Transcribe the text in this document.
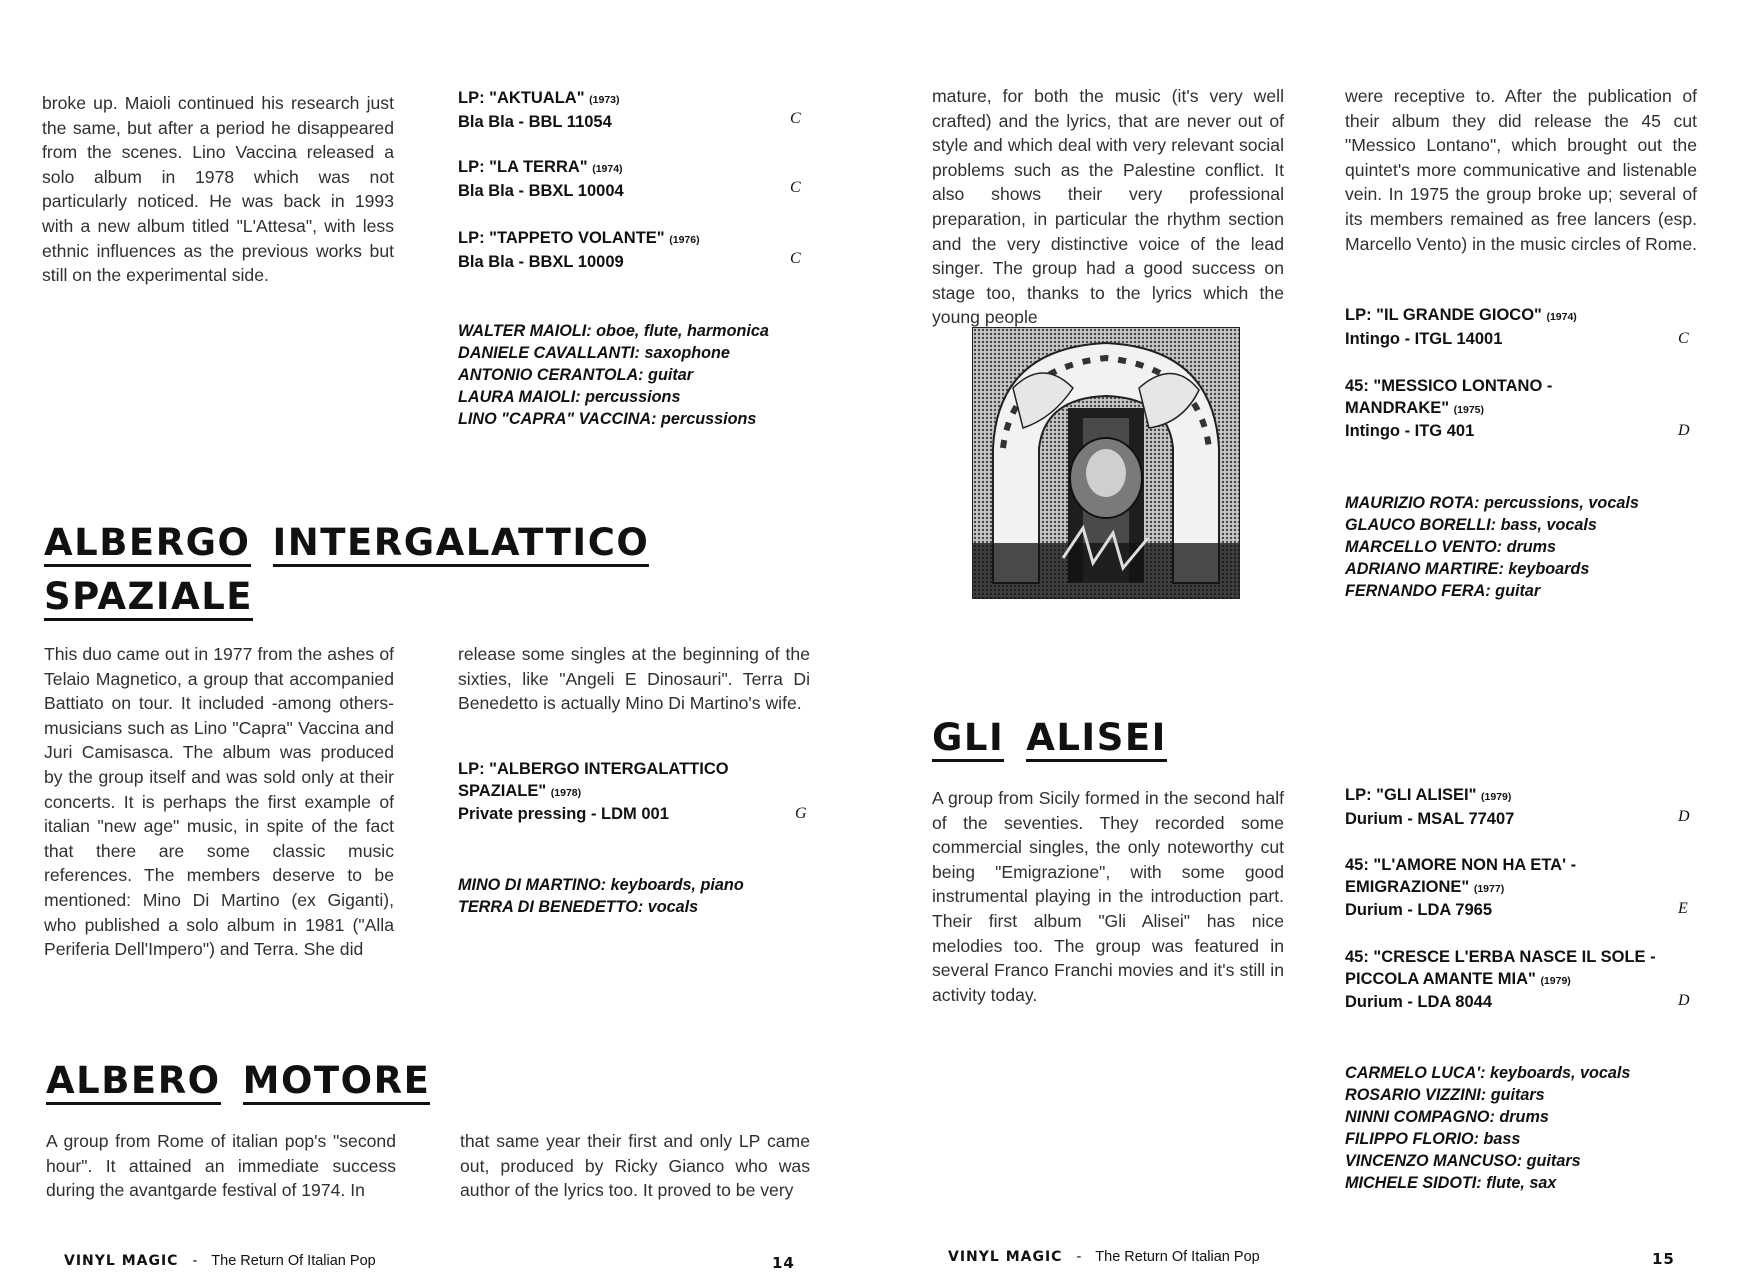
broke up. Maioli continued his research just the same, but after a period he disappeared from the scenes. Lino Vaccina released a solo album in 1978 which was not particularly noticed. He was back in 1993 with a new album titled "L'Attesa", with less ethnic influences as the previous works but still on the experimental side.

LP: "AKTUALA" (1973)
Bla Bla - BBL 11054	C
LP: "LA TERRA" (1974)
Bla Bla - BBXL 10004	C
LP: "TAPPETO VOLANTE" (1976)
Bla Bla - BBXL 10009	C
WALTER MAIOLI: oboe, flute, harmonica
DANIELE CAVALLANTI: saxophone
ANTONIO CERANTOLA: guitar
LAURA MAIOLI: percussions
LINO "CAPRA" VACCINA: percussions
ALBERGO INTERGALATTICO
SPAZIALE

This duo came out in 1977 from the ashes of Telaio Magnetico, a group that accompanied Battiato on tour. It included -among others- musicians such as Lino "Capra" Vaccina and Juri Camisasca. The album was produced by the group itself and was sold only at their concerts. It is perhaps the first example of italian "new age" music, in spite of the fact that there are some classic music references. The members deserve to be mentioned: Mino Di Martino (ex Giganti), who published a solo album in 1981 ("Alla Periferia Dell'Impero") and Terra. She did

release some singles at the beginning of the sixties, like "Angeli E Dinosauri". Terra Di Benedetto is actually Mino Di Martino's wife.

LP: "ALBERGO INTERGALATTICO
SPAZIALE" (1978)
Private pressing - LDM 001	G
MINO DI MARTINO: keyboards, piano
TERRA DI BENEDETTO: vocals
ALBERO MOTORE

A group from Rome of italian pop's "second hour". It attained an immediate success during the avantgarde festival of 1974. In

that same year their first and only LP came out, produced by Ricky Gianco who was author of the lyrics too. It proved to be very

VINYL MAGIC - The Return Of Italian Pop	14

mature, for both the music (it's very well crafted) and the lyrics, that are never out of style and which deal with very relevant social problems such as the Palestine conflict. It also shows their very professional preparation, in particular the rhythm section and the very distinctive voice of the lead singer. The group had a good success on stage too, thanks to the lyrics which the young people

were receptive to. After the publication of their album they did release the 45 cut "Messico Lontano", which brought out the quintet's more communicative and listenable vein. In 1975 the group broke up; several of its members remained as free lancers (esp. Marcello Vento) in the music circles of Rome.

LP: "IL GRANDE GIOCO" (1974)
Intingo - ITGL 14001	C
45: "MESSICO LONTANO -
MANDRAKE" (1975)
Intingo - ITG 401	D
MAURIZIO ROTA: percussions, vocals
GLAUCO BORELLI: bass, vocals
MARCELLO VENTO: drums
ADRIANO MARTIRE: keyboards
FERNANDO FERA: guitar
GLI ALISEI

A group from Sicily formed in the second half of the seventies. They recorded some commercial singles, the only noteworthy cut being "Emigrazione", with some good instrumental playing in the introduction part. Their first album "Gli Alisei" has nice melodies too. The group was featured in several Franco Franchi movies and it's still in activity today.

LP: "GLI ALISEI" (1979)
Durium - MSAL 77407	D
45: "L'AMORE NON HA ETA' -
EMIGRAZIONE" (1977)
Durium - LDA 7965	E
45: "CRESCE L'ERBA NASCE IL SOLE -
PICCOLA AMANTE MIA" (1979)
Durium - LDA 8044	D
CARMELO LUCA': keyboards, vocals
ROSARIO VIZZINI: guitars
NINNI COMPAGNO: drums
FILIPPO FLORIO: bass
VINCENZO MANCUSO: guitars
MICHELE SIDOTI: flute, sax
VINYL MAGIC - The Return Of Italian Pop	15
